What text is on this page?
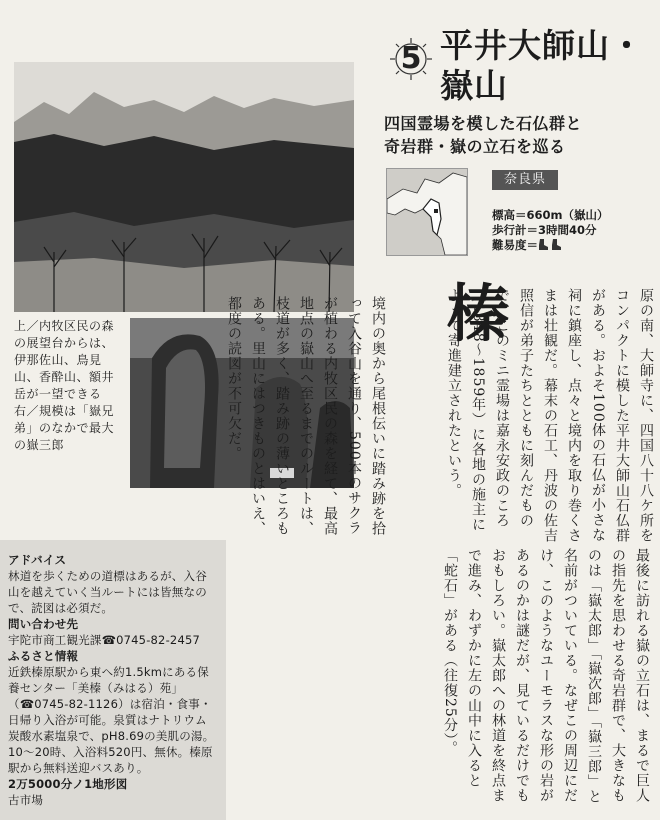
上／内牧区民の森の展望台からは、伊那佐山、鳥見山、香酔山、額井岳が一望できる　右／規模は「嶽兄弟」のなかで最大の嶽三郎
5 平井大師山・
嶽山
四国霊場を模した石仏群と
奇岩群・嶽の立石を巡る
奈良県
標高＝660m（嶽山）
歩行計＝3時間40分
難易度＝
榛	原の南、大師寺に、四国八十八ケ所をコンパクトに模した平井大師山石仏群がある。およそ100体の石仏が小さな祠に鎮座し、点々と境内を取り巻くさまは壮観だ。幕末の石工、丹波の佐吉照信が弟子たちとともに刻んだもので、このミニ霊場は嘉永安政のころ（1848〜1859年）に各地の施主によって寄進建立されたという。
境内の奥から尾根伝いに踏み跡を拾って入谷山を通り、500本のサクラが植わる内牧区民の森を経て、最高地点の嶽山へ至るまでのルートは、枝道が多く、踏み跡の薄いところもある。里山にはつきものとはいえ、都度の読図が不可欠だ。
最後に訪れる嶽の立石は、まるで巨人の指先を思わせる奇岩群で、大きなものは「嶽太郎」「嶽次郎」「嶽三郎」と名前がついている。なぜこの周辺にだけ、このようなユーモラスな形の岩があるのかは謎だが、見ているだけでもおもしろい。嶽太郎への林道を終点まで進み、わずかに左の山中に入ると「蛇石」がある（往復25分）。
アドバイス
林道を歩くための道標はあるが、入谷山を越えていく当ルートには皆無なので、読図は必須だ。
問い合わせ先
宇陀市商工観光課☎0745-82-2457
ふるさと情報
近鉄榛原駅から東へ約1.5kmにある保養センター「美榛（みはる）苑」（☎0745-82-1126）は宿泊・食事・日帰り入浴が可能。泉質はナトリウム炭酸水素塩泉で、pH8.69の美肌の湯。10〜20時、入浴料520円、無休。榛原駅から無料送迎バスあり。
2万5000分ノ1地形図
古市場
